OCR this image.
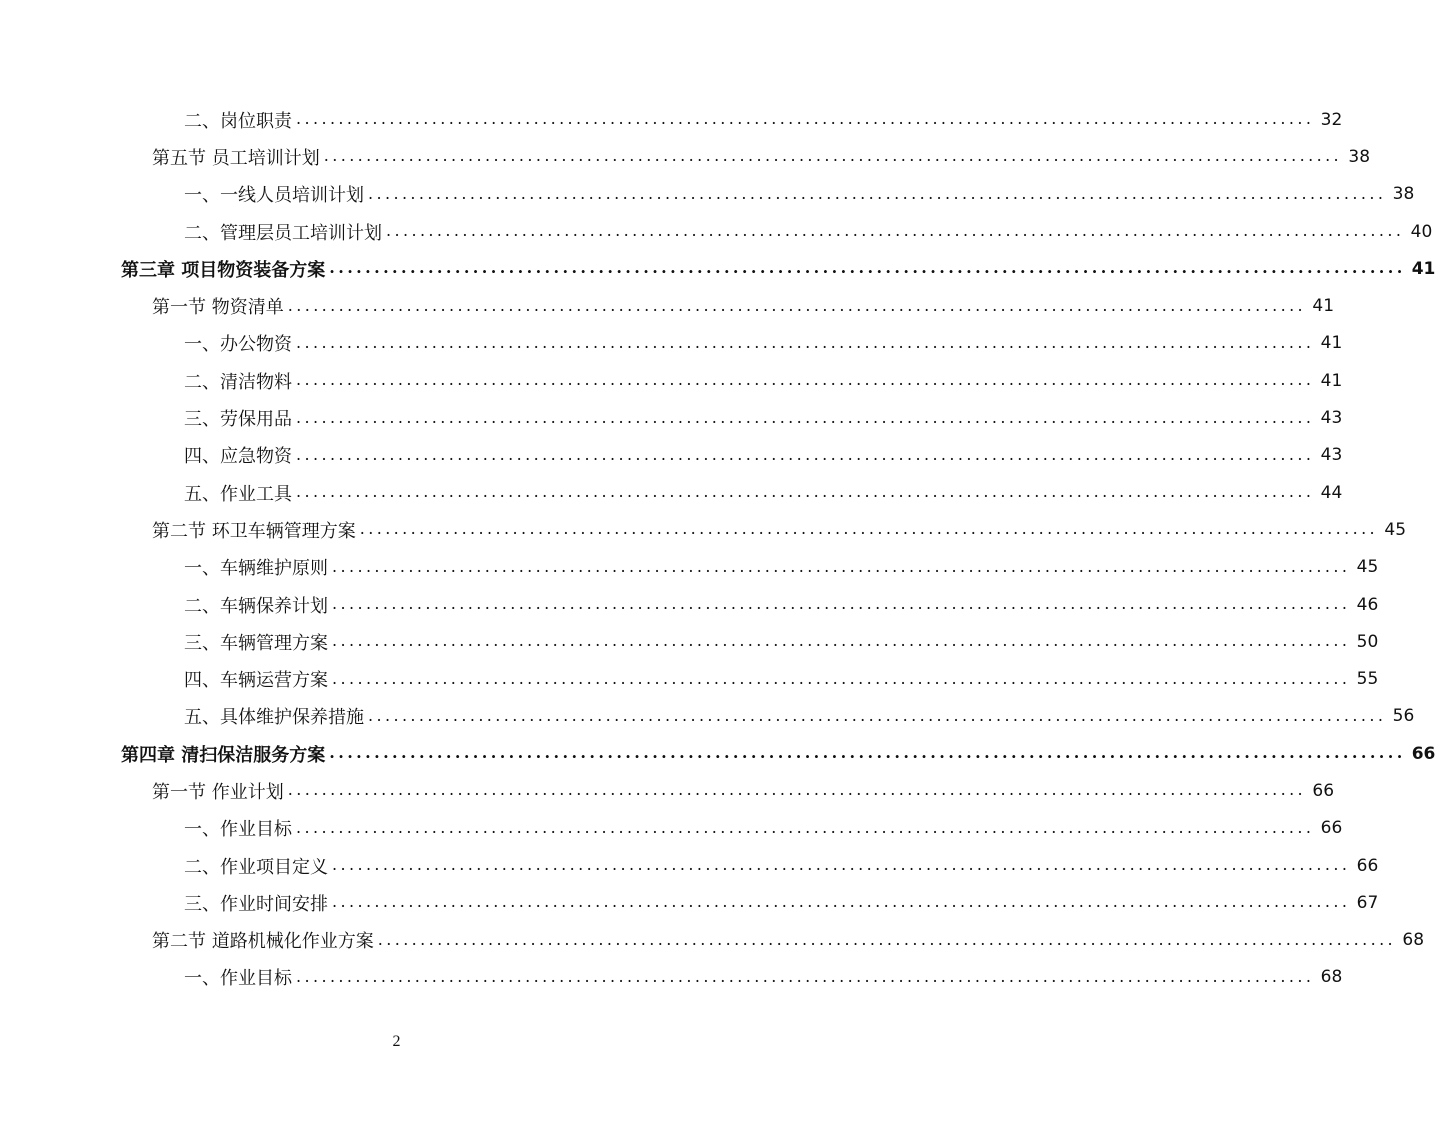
二、岗位职责 ........................................................................................................................ 32
第五节 员工培训计划 ........................................................................................................................ 38
一、一线人员培训计划 ........................................................................................................................ 38
二、管理层员工培训计划 ........................................................................................................................ 40
第三章 项目物资装备方案 ........................................................................................................................ 41
第一节 物资清单 ........................................................................................................................ 41
一、办公物资 ........................................................................................................................ 41
二、清洁物料 ........................................................................................................................ 41
三、劳保用品 ........................................................................................................................ 43
四、应急物资 ........................................................................................................................ 43
五、作业工具 ........................................................................................................................ 44
第二节 环卫车辆管理方案 ........................................................................................................................ 45
一、车辆维护原则 ........................................................................................................................ 45
二、车辆保养计划 ........................................................................................................................ 46
三、车辆管理方案 ........................................................................................................................ 50
四、车辆运营方案 ........................................................................................................................ 55
五、具体维护保养措施 ........................................................................................................................ 56
第四章 清扫保洁服务方案 ........................................................................................................................ 66
第一节 作业计划 ........................................................................................................................ 66
一、作业目标 ........................................................................................................................ 66
二、作业项目定义 ........................................................................................................................ 66
三、作业时间安排 ........................................................................................................................ 67
第二节 道路机械化作业方案 ........................................................................................................................ 68
一、作业目标 ........................................................................................................................ 68
2
